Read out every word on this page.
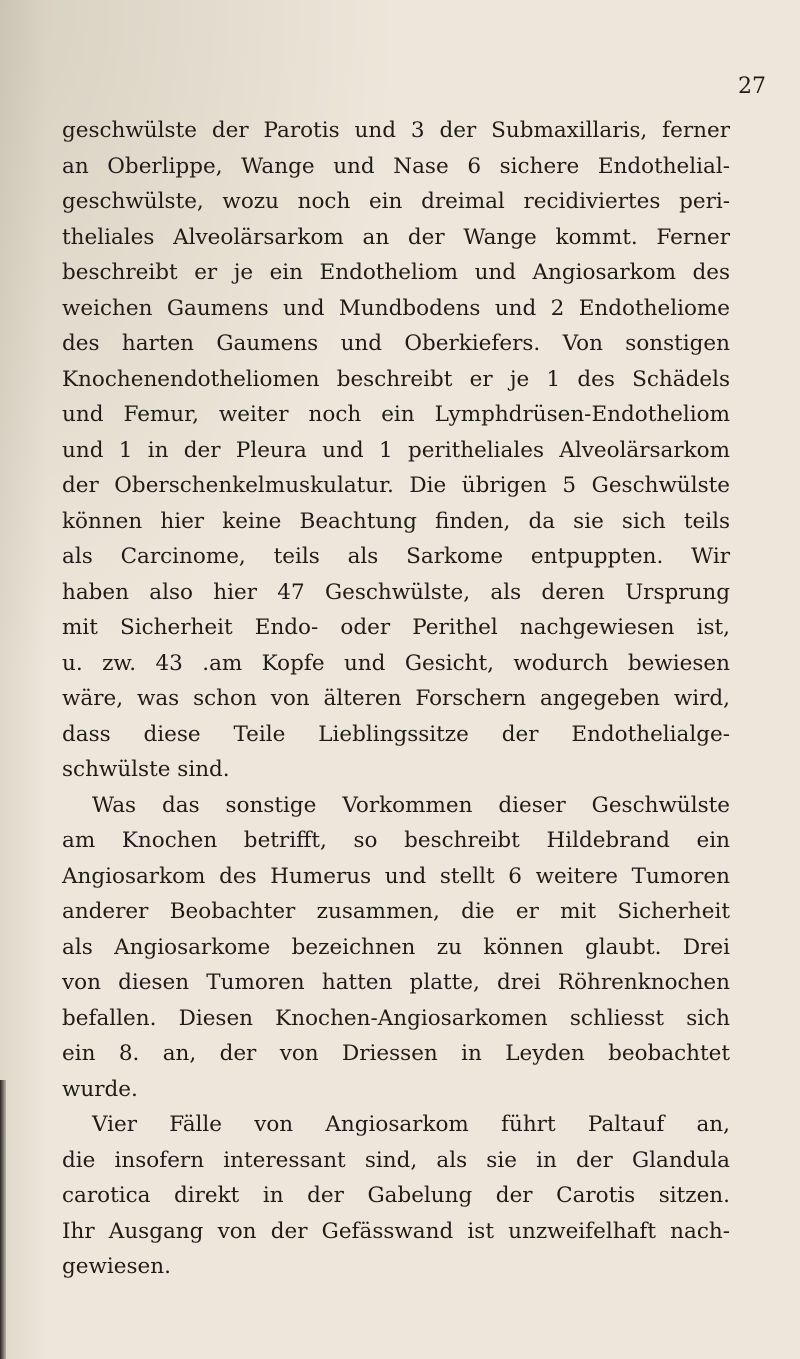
27
geschwülste der Parotis und 3 der Submaxillaris, ferner
an Oberlippe, Wange und Nase 6 sichere Endothelial-
geschwülste, wozu noch ein dreimal recidiviertes peri-
theliales Alveolärsarkom an der Wange kommt. Ferner
beschreibt er je ein Endotheliom und Angiosarkom des
weichen Gaumens und Mundbodens und 2 Endotheliome
des harten Gaumens und Oberkiefers. Von sonstigen
Knochenendotheliomen beschreibt er je 1 des Schädels
und Femur, weiter noch ein Lymphdrüsen-Endotheliom
und 1 in der Pleura und 1 peritheliales Alveolärsarkom
der Oberschenkelmuskulatur. Die übrigen 5 Geschwülste
können hier keine Beachtung finden, da sie sich teils
als Carcinome, teils als Sarkome entpuppten. Wir
haben also hier 47 Geschwülste, als deren Ursprung
mit Sicherheit Endo- oder Perithel nachgewiesen ist,
u. zw. 43 .am Kopfe und Gesicht, wodurch bewiesen
wäre, was schon von älteren Forschern angegeben wird,
dass diese Teile Lieblingssitze der Endothelialge-
schwülste sind.
Was das sonstige Vorkommen dieser Geschwülste
am Knochen betrifft, so beschreibt Hildebrand ein
Angiosarkom des Humerus und stellt 6 weitere Tumoren
anderer Beobachter zusammen, die er mit Sicherheit
als Angiosarkome bezeichnen zu können glaubt. Drei
von diesen Tumoren hatten platte, drei Röhrenknochen
befallen. Diesen Knochen-Angiosarkomen schliesst sich
ein 8. an, der von Driessen in Leyden beobachtet
wurde.
Vier Fälle von Angiosarkom führt Paltauf an,
die insofern interessant sind, als sie in der Glandula
carotica direkt in der Gabelung der Carotis sitzen.
Ihr Ausgang von der Gefässwand ist unzweifelhaft nach-
gewiesen.
